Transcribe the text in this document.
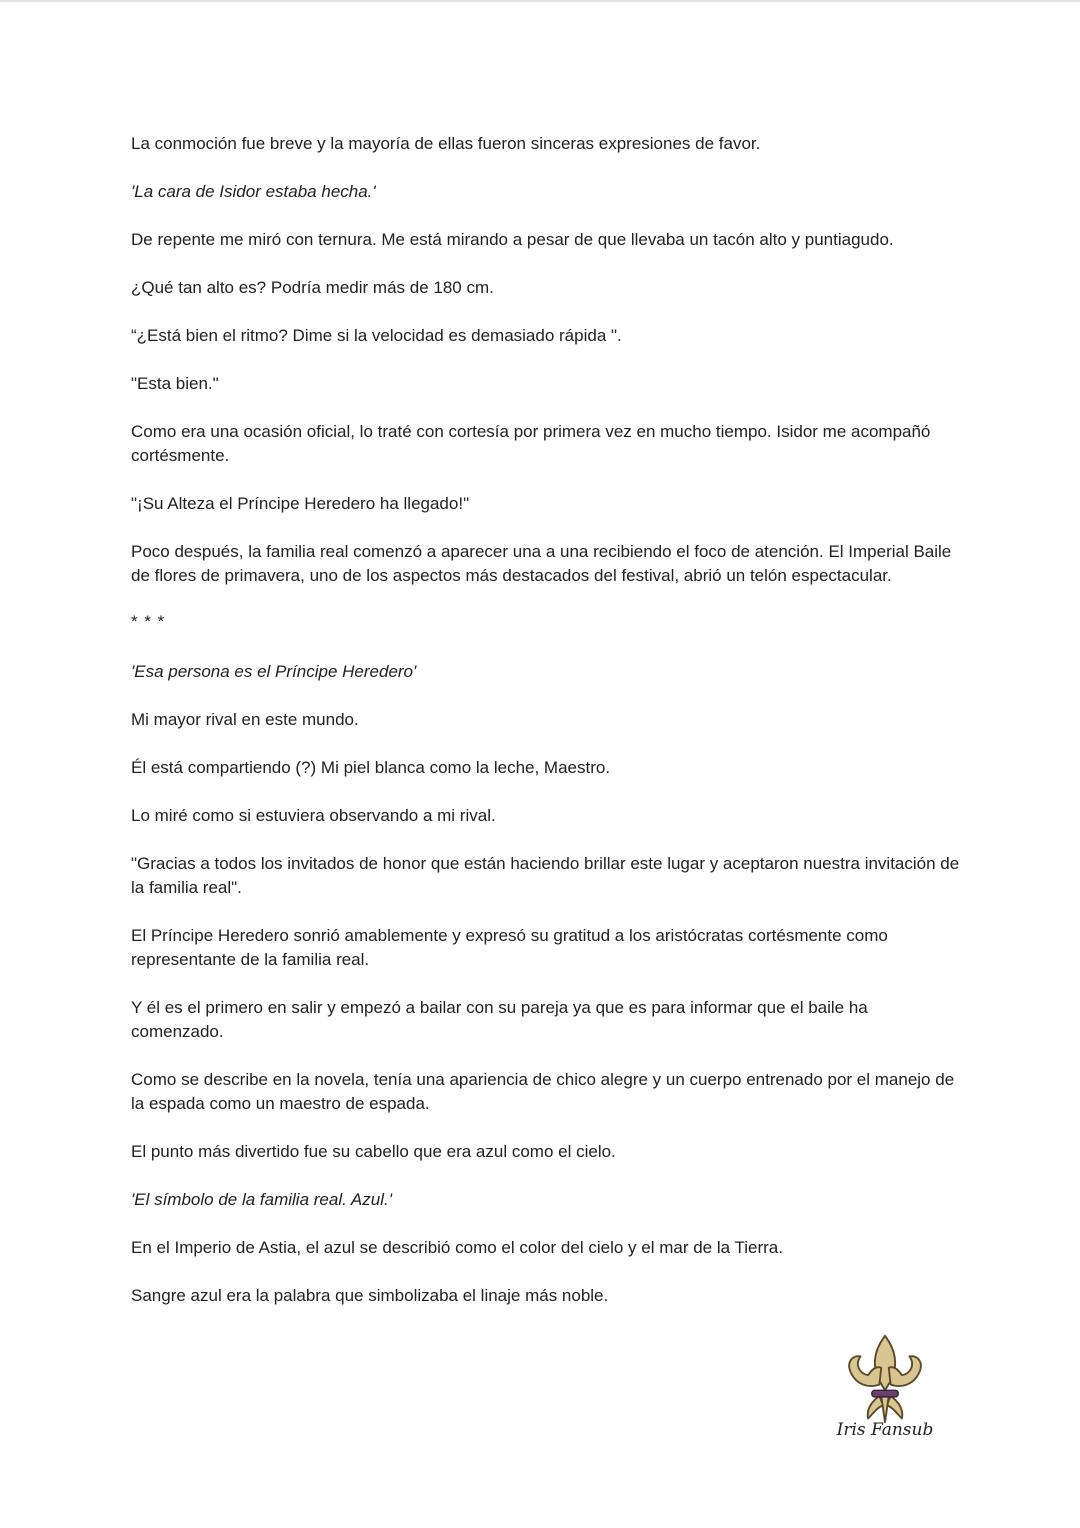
La conmoción fue breve y la mayoría de ellas fueron sinceras expresiones de favor.

'La cara de Isidor estaba hecha.'

De repente me miró con ternura. Me está mirando a pesar de que llevaba un tacón alto y puntiagudo.

¿Qué tan alto es? Podría medir más de 180 cm.

“¿Está bien el ritmo? Dime si la velocidad es demasiado rápida ".

"Esta bien."

Como era una ocasión oficial, lo traté con cortesía por primera vez en mucho tiempo. Isidor me acompañó cortésmente.

"¡Su Alteza el Príncipe Heredero ha llegado!"

Poco después, la familia real comenzó a aparecer una a una recibiendo el foco de atención. El Imperial Baile de flores de primavera, uno de los aspectos más destacados del festival, abrió un telón espectacular.

* * *

'Esa persona es el Príncipe Heredero'

Mi mayor rival en este mundo.

Él está compartiendo (?) Mi piel blanca como la leche, Maestro.

Lo miré como si estuviera observando a mi rival.

"Gracias a todos los invitados de honor que están haciendo brillar este lugar y aceptaron nuestra invitación de la familia real".

El Príncipe Heredero sonrió amablemente y expresó su gratitud a los aristócratas cortésmente como representante de la familia real.

Y él es el primero en salir y empezó a bailar con su pareja ya que es para informar que el baile ha comenzado.

Como se describe en la novela, tenía una apariencia de chico alegre y un cuerpo entrenado por el manejo de la espada como un maestro de espada.

El punto más divertido fue su cabello que era azul como el cielo.

'El símbolo de la familia real. Azul.'

En el Imperio de Astia, el azul se describió como el color del cielo y el mar de la Tierra.

Sangre azul era la palabra que simbolizaba el linaje más noble.

Iris Fansub
